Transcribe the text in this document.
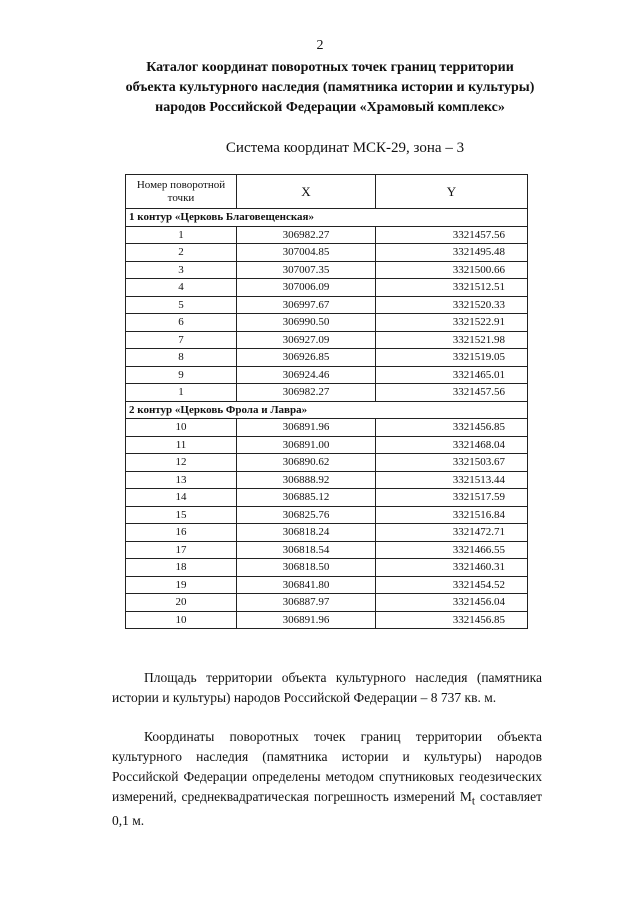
2
Каталог координат поворотных точек границ территории
объекта культурного наследия (памятника истории и культуры)
народов Российской Федерации «Храмовый комплекс»
Система координат МСК-29, зона – 3
Номер поворотной
точки	X	Y
1 контур «Церковь Благовещенская»		
1	306982.27	3321457.56
2	307004.85	3321495.48
3	307007.35	3321500.66
4	307006.09	3321512.51
5	306997.67	3321520.33
6	306990.50	3321522.91
7	306927.09	3321521.98
8	306926.85	3321519.05
9	306924.46	3321465.01
1	306982.27	3321457.56
2 контур «Церковь Фрола и Лавра»		
10	306891.96	3321456.85
11	306891.00	3321468.04
12	306890.62	3321503.67
13	306888.92	3321513.44
14	306885.12	3321517.59
15	306825.76	3321516.84
16	306818.24	3321472.71
17	306818.54	3321466.55
18	306818.50	3321460.31
19	306841.80	3321454.52
20	306887.97	3321456.04
10	306891.96	3321456.85

Площадь территории объекта культурного наследия (памятника истории и культуры) народов Российской Федерации – 8 737 кв. м.

Координаты поворотных точек границ территории объекта культурного наследия (памятника истории и культуры) народов Российской Федерации определены методом спутниковых геодезических измерений, среднеквадратическая погрешность измерений $M_t$ составляет 0,1 м.
